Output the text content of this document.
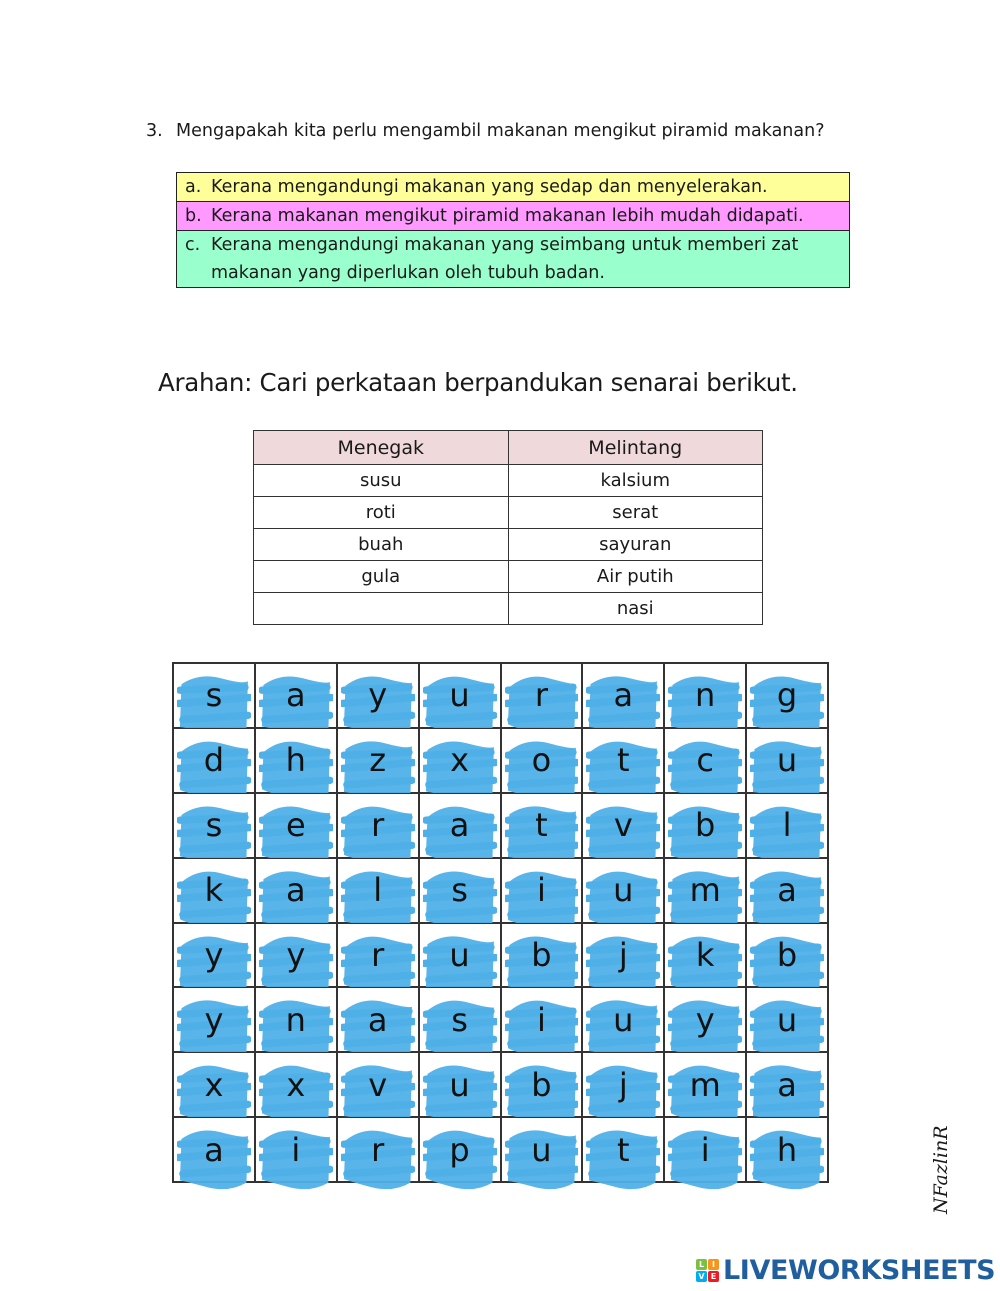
3. Mengapakah kita perlu mengambil makanan mengikut piramid makanan?
a. Kerana mengandungi makanan yang sedap dan menyelerakan.

b. Kerana makanan mengikut piramid makanan lebih mudah didapati.

c. Kerana mengandungi makanan yang seimbang untuk memberi zat makanan yang diperlukan oleh tubuh badan.
Arahan: Cari perkataan berpandukan senarai berikut.
Menegak	Melintang
susu	kalsium
roti	serat
buah	sayuran
gula	Air putih
	nasi
s a y u r a n g
d h z x o t c u
s e r a t v b l
k a l s i u m a
y y r u b j k b
y n a s i u y u
x x v u b j m a
a i r p u t i h	NFazlinR
L I
V E LIVEWORKSHEETS
